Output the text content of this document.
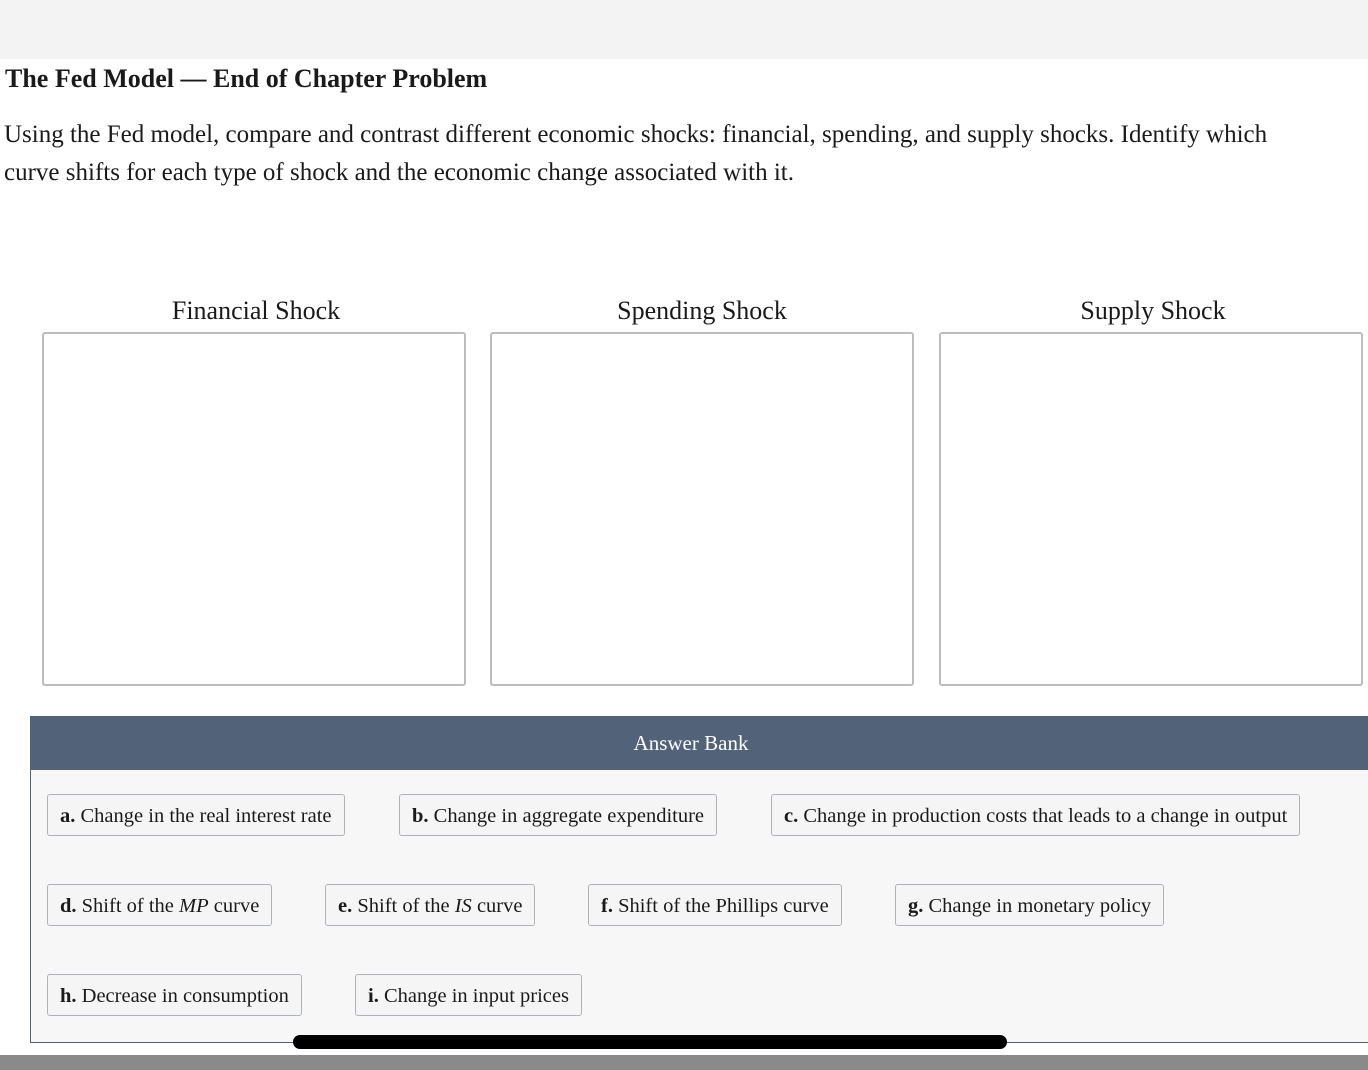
The Fed Model — End of Chapter Problem

Using the Fed model, compare and contrast different economic shocks: financial, spending, and supply shocks. Identify which
curve shifts for each type of shock and the economic change associated with it.

Financial Shock	Spending Shock	Supply Shock
Answer Bank
a. Change in the real interest rate	b. Change in aggregate expenditure	c. Change in production costs that leads to a change in output
d. Shift of the MP curve	e. Shift of the IS curve	f. Shift of the Phillips curve	g. Change in monetary policy
h. Decrease in consumption	i. Change in input prices
